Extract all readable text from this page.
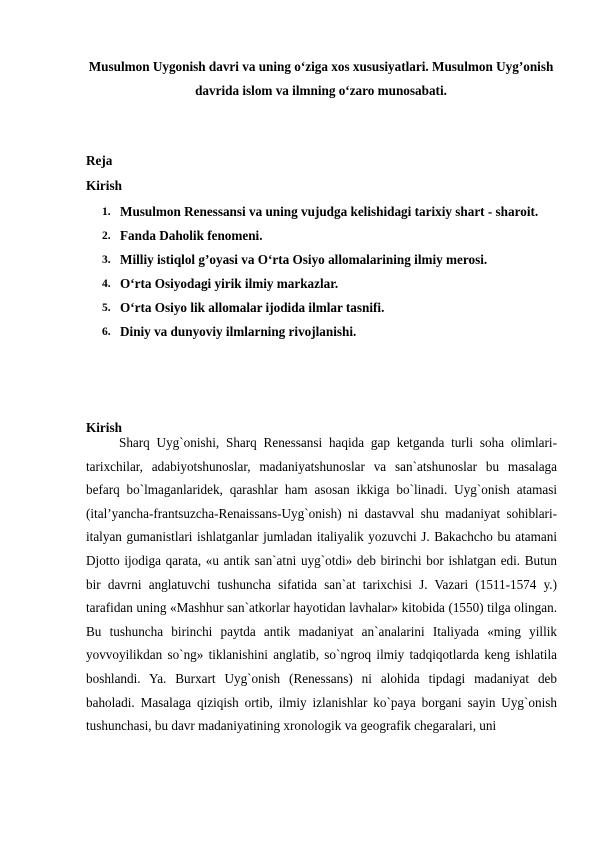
Musulmon Uygonish davri va uning o‘ziga xos xususiyatlari. Musulmon Uyg’onish davrida islom va ilmning o‘zaro munosabati.
Reja
Kirish
1. Musulmon Renessansi va uning vujudga kelishidagi tarixiy shart - sharoit.
2. Fanda Daholik fenomeni.
3. Milliy istiqlol g’oyasi va O‘rta Osiyo allomalarining ilmiy merosi.
4. O‘rta Osiyodagi yirik ilmiy markazlar.
5. O‘rta Osiyo lik allomalar ijodida ilmlar tasnifi.
6. Diniy va dunyoviy ilmlarning rivojlanishi.
Kirish

Sharq Uyg`onishi, Sharq Renessansi haqida gap ketganda turli soha olimlari-tarixchilar, adabiyotshunoslar, madaniyatshunoslar va san`atshunoslar bu masalaga befarq bo`lmaganlaridek, qarashlar ham asosan ikkiga bo`linadi. Uyg`onish atamasi (ital’yancha-frantsuzcha-Renaissans-Uyg`onish) ni dastavval shu madaniyat sohiblari-italyan gumanistlari ishlatganlar jumladan italiyalik yozuvchi J. Bakachcho bu atamani Djotto ijodiga qarata, «u antik san`atni uyg`otdi» deb birinchi bor ishlatgan edi. Butun bir davrni anglatuvchi tushuncha sifatida san`at tarixchisi J. Vazari (1511-1574 y.) tarafidan uning «Mashhur san`atkorlar hayotidan lavhalar» kitobida (1550) tilga olingan. Bu tushuncha birinchi paytda antik madaniyat an`analarini Italiyada «ming yillik yovvoyilikdan so`ng» tiklanishini anglatib, so`ngroq ilmiy tadqiqotlarda keng ishlatila boshlandi. Ya. Burxart Uyg`onish (Renessans) ni alohida tipdagi madaniyat deb baholadi. Masalaga qiziqish ortib, ilmiy izlanishlar ko`paya borgani sayin Uyg`onish tushunchasi, bu davr madaniyatining xronologik va geografik chegaralari, uni
